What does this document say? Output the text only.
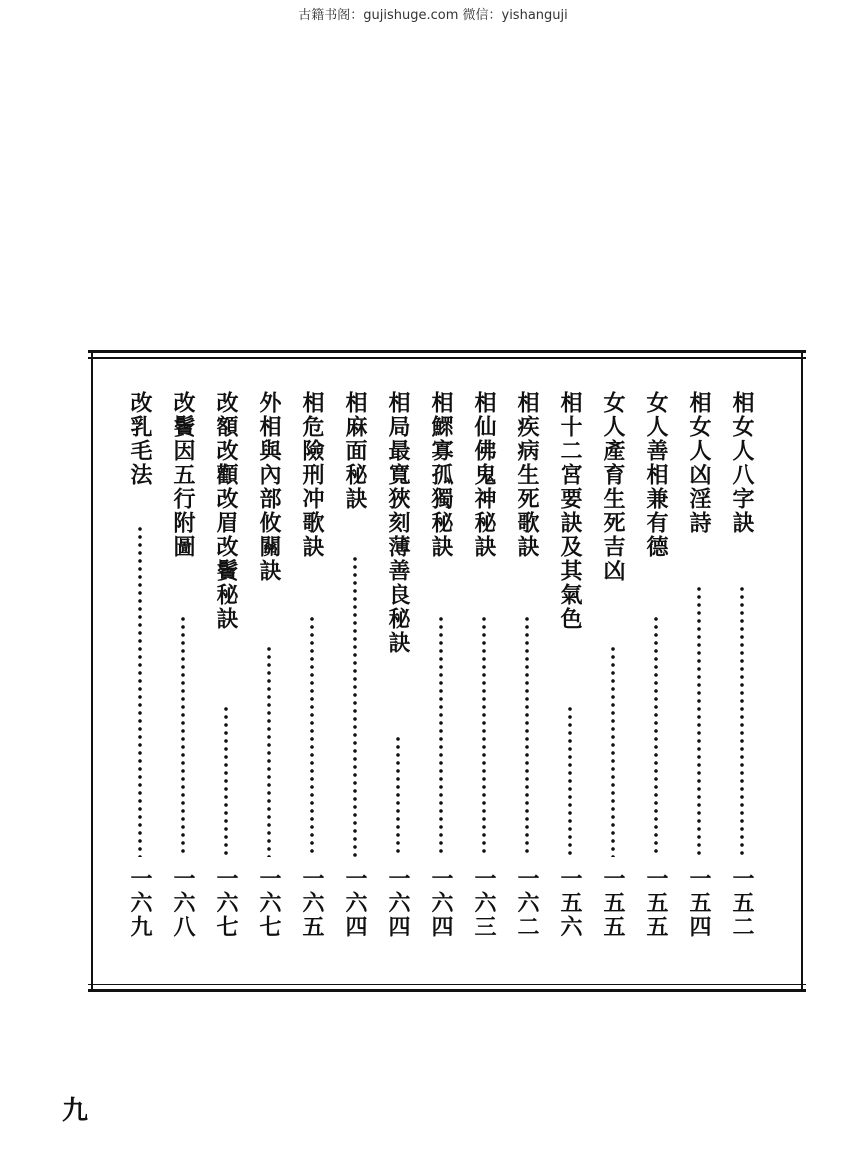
古籍书阁：gujishuge.com 微信：yishanguji
相女人八字訣
一五二
相女人凶淫詩
一五四
女人善相兼有德
一五五
女人產育生死吉凶
一五五
相十二宮要訣及其氣色
一五六
相疾病生死歌訣
一六二
相仙佛鬼神秘訣
一六三
相鰥寡孤獨秘訣
一六四
相局最寬狹刻薄善良秘訣
一六四
相麻面秘訣
一六四
相危險刑冲歌訣
一六五
外相與內部攸關訣
一六七
改額改顴改眉改鬢秘訣
一六七
改鬢因五行附圖
一六八
改乳毛法
一六九
九
